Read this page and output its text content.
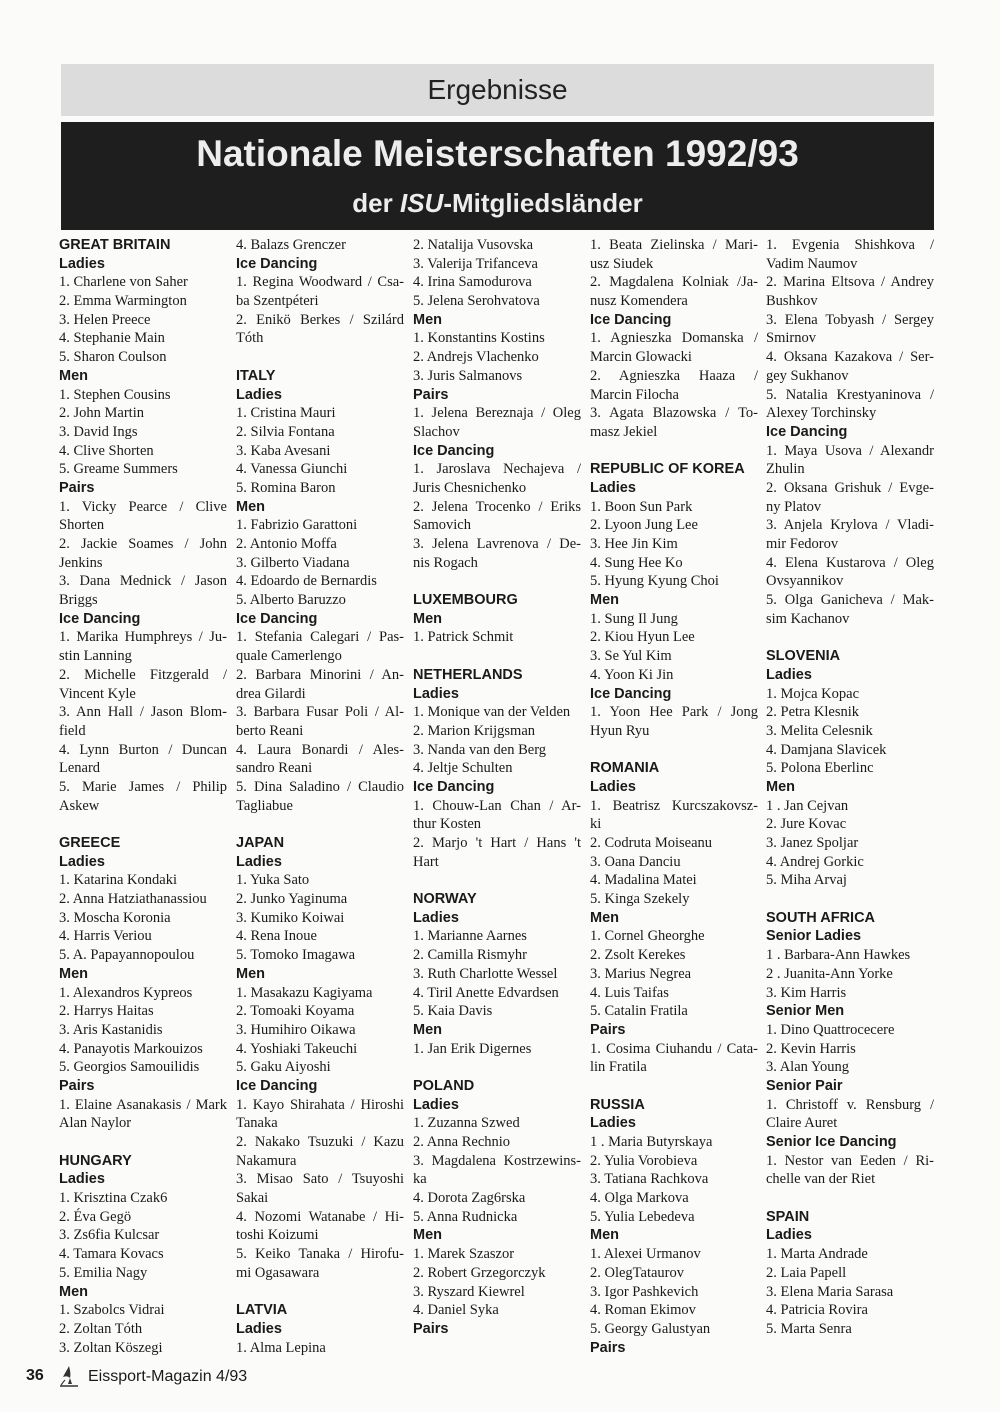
Ergebnisse
Nationale Meisterschaften 1992/93
der ISU-Mitgliedsländer
GREAT BRITAIN
Ladies
1. Charlene von Saher
2. Emma Warmington
3. Helen Preece
4. Stephanie Main
5. Sharon Coulson
Men
1. Stephen Cousins
2. John Martin
3. David Ings
4. Clive Shorten
5. Greame Summers
Pairs
1. Vicky Pearce / Clive
Shorten
2. Jackie Soames / John
Jenkins
3. Dana Mednick / Jason
Briggs
Ice Dancing
1. Marika Humphreys / Ju-
stin Lanning
2. Michelle Fitzgerald /
Vincent Kyle
3. Ann Hall / Jason Blom-
field
4. Lynn Burton / Duncan
Lenard
5. Marie James / Philip
Askew
GREECE
Ladies
1. Katarina Kondaki
2. Anna Hatziathanassiou
3. Moscha Koronia
4. Harris Veriou
5. A. Papayannopoulou
Men
1. Alexandros Kypreos
2. Harrys Haitas
3. Aris Kastanidis
4. Panayotis Markouizos
5. Georgios Samouilidis
Pairs
1. Elaine Asanakasis / Mark
Alan Naylor
HUNGARY
Ladies
1. Krisztina Czak6
2. Éva Gegö
3. Zs6fia Kulcsar
4. Tamara Kovacs
5. Emilia Nagy
Men
1. Szabolcs Vidrai
2. Zoltan Tóth
3. Zoltan Köszegi
4. Balazs Grenczer
Ice Dancing
1. Regina Woodward / Csa-
ba Szentpéteri
2. Enikö Berkes / Szilárd
Tóth
ITALY
Ladies
1. Cristina Mauri
2. Silvia Fontana
3. Kaba Avesani
4. Vanessa Giunchi
5. Romina Baron
Men
1. Fabrizio Garattoni
2. Antonio Moffa
3. Gilberto Viadana
4. Edoardo de Bernardis
5. Alberto Baruzzo
Ice Dancing
1. Stefania Calegari / Pas-
quale Camerlengo
2. Barbara Minorini / An-
drea Gilardi
3. Barbara Fusar Poli / Al-
berto Reani
4. Laura Bonardi / Ales-
sandro Reani
5. Dina Saladino / Claudio
Tagliabue
JAPAN
Ladies
1. Yuka Sato
2. Junko Yaginuma
3. Kumiko Koiwai
4. Rena Inoue
5. Tomoko Imagawa
Men
1. Masakazu Kagiyama
2. Tomoaki Koyama
3. Humihiro Oikawa
4. Yoshiaki Takeuchi
5. Gaku Aiyoshi
Ice Dancing
1. Kayo Shirahata / Hiroshi
Tanaka
2. Nakako Tsuzuki / Kazu
Nakamura
3. Misao Sato / Tsuyoshi
Sakai
4. Nozomi Watanabe / Hi-
toshi Koizumi
5. Keiko Tanaka / Hirofu-
mi Ogasawara
LATVIA
Ladies
1. Alma Lepina
2. Natalija Vusovska
3. Valerija Trifanceva
4. Irina Samodurova
5. Jelena Serohvatova
Men
1. Konstantins Kostins
2. Andrejs Vlachenko
3. Juris Salmanovs
Pairs
1. Jelena Bereznaja / Oleg
Slachov
Ice Dancing
1. Jaroslava Nechajeva /
Juris Chesnichenko
2. Jelena Trocenko / Eriks
Samovich
3. Jelena Lavrenova / De-
nis Rogach
LUXEMBOURG
Men
1. Patrick Schmit
NETHERLANDS
Ladies
1. Monique van der Velden
2. Marion Krijgsman
3. Nanda van den Berg
4. Jeltje Schulten
Ice Dancing
1. Chouw-Lan Chan / Ar-
thur Kosten
2. Marjo 't Hart / Hans 't
Hart
NORWAY
Ladies
1. Marianne Aarnes
2. Camilla Rismyhr
3. Ruth Charlotte Wessel
4. Tiril Anette Edvardsen
5. Kaia Davis
Men
1. Jan Erik Digernes
POLAND
Ladies
1. Zuzanna Szwed
2. Anna Rechnio
3. Magdalena Kostrzewins-
ka
4. Dorota Zag6rska
5. Anna Rudnicka
Men
1. Marek Szaszor
2. Robert Grzegorczyk
3. Ryszard Kiewrel
4. Daniel Syka
Pairs
1. Beata Zielinska / Mari-
usz Siudek
2. Magdalena Kolniak /Ja-
nusz Komendera
Ice Dancing
1. Agnieszka Domanska /
Marcin Glowacki
2. Agnieszka Haaza /
Marcin Filocha
3. Agata Blazowska / To-
masz Jekiel
REPUBLIC OF KOREA
Ladies
1. Boon Sun Park
2. Lyoon Jung Lee
3. Hee Jin Kim
4. Sung Hee Ko
5. Hyung Kyung Choi
Men
1. Sung Il Jung
2. Kiou Hyun Lee
3. Se Yul Kim
4. Yoon Ki Jin
Ice Dancing
1. Yoon Hee Park / Jong
Hyun Ryu
ROMANIA
Ladies
1. Beatrisz Kurcszakovsz-
ki
2. Codruta Moiseanu
3. Oana Danciu
4. Madalina Matei
5. Kinga Szekely
Men
1. Cornel Gheorghe
2. Zsolt Kerekes
3. Marius Negrea
4. Luis Taifas
5. Catalin Fratila
Pairs
1. Cosima Ciuhandu / Cata-
lin Fratila
RUSSIA
Ladies
1 . Maria Butyrskaya
2. Yulia Vorobieva
3. Tatiana Rachkova
4. Olga Markova
5. Yulia Lebedeva
Men
1. Alexei Urmanov
2. OlegTataurov
3. Igor Pashkevich
4. Roman Ekimov
5. Georgy Galustyan
Pairs
1. Evgenia Shishkova /
Vadim Naumov
2. Marina Eltsova / Andrey
Bushkov
3. Elena Tobyash / Sergey
Smirnov
4. Oksana Kazakova / Ser-
gey Sukhanov
5. Natalia Krestyaninova /
Alexey Torchinsky
Ice Dancing
1. Maya Usova / Alexandr
Zhulin
2. Oksana Grishuk / Evge-
ny Platov
3. Anjela Krylova / Vladi-
mir Fedorov
4. Elena Kustarova / Oleg
Ovsyannikov
5. Olga Ganicheva / Mak-
sim Kachanov
SLOVENIA
Ladies
1. Mojca Kopac
2. Petra Klesnik
3. Melita Celesnik
4. Damjana Slavicek
5. Polona Eberlinc
Men
1 . Jan Cejvan
2. Jure Kovac
3. Janez Spoljar
4. Andrej Gorkic
5. Miha Arvaj
SOUTH AFRICA
Senior Ladies
1 . Barbara-Ann Hawkes
2 . Juanita-Ann Yorke
3. Kim Harris
Senior Men
1. Dino Quattrocecere
2. Kevin Harris
3. Alan Young
Senior Pair
1. Christoff v. Rensburg /
Claire Auret
Senior Ice Dancing
1. Nestor van Eeden / Ri-
chelle van der Riet
SPAIN
Ladies
1. Marta Andrade
2. Laia Papell
3. Elena Maria Sarasa
4. Patricia Rovira
5. Marta Senra
36	Eissport-Magazin 4/93
